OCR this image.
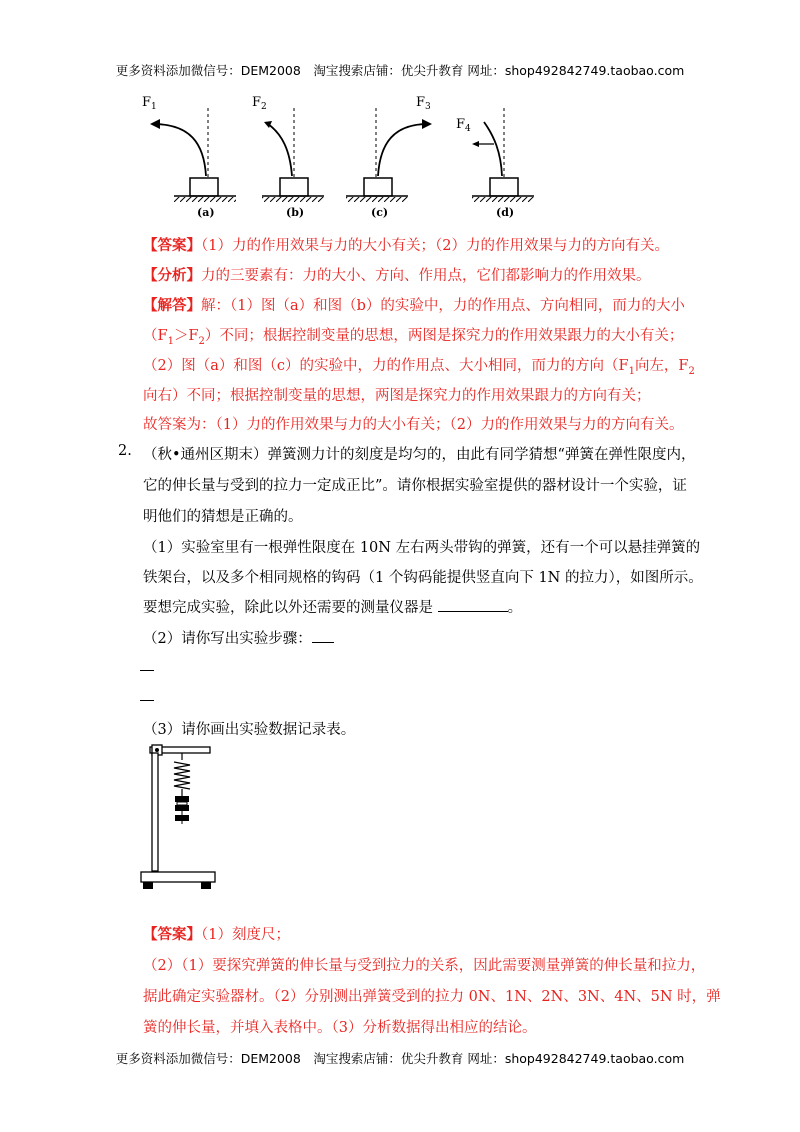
更多资料添加微信号：DEM2008　淘宝搜索店铺：优尖升教育 网址：shop492842749.taobao.com
$F_1$
(a)
$F_2$
(b)
$F_3$
(c)
$F_4$
(d)
【答案】（1）力的作用效果与力的大小有关；（2）力的作用效果与力的方向有关。
【分析】力的三要素有：力的大小、方向、作用点，它们都影响力的作用效果。
【解答】解：（1）图（a）和图（b）的实验中，力的作用点、方向相同，而力的大小
$(F_1>F_2)$不同；根据控制变量的思想，两图是探究力的作用效果跟力的大小有关；
（2）图（a）和图（c）的实验中，力的作用点、大小相同，而力的方向（$F_1$向左，$F_2$
向右）不同；根据控制变量的思想，两图是探究力的作用效果跟力的方向有关；
故答案为：（1）力的作用效果与力的大小有关；（2）力的作用效果与力的方向有关。
2. （秋•通州区期末）弹簧测力计的刻度是均匀的，由此有同学猜想“弹簧在弹性限度内，
它的伸长量与受到的拉力一定成正比”。请你根据实验室提供的器材设计一个实验，证
明他们的猜想是正确的。
（1）实验室里有一根弹性限度在 10N 左右两头带钩的弹簧，还有一个可以悬挂弹簧的
铁架台，以及多个相同规格的钩码（1 个钩码能提供竖直向下 1N 的拉力），如图所示。
要想完成实验，除此以外还需要的测量仪器是	。
（2）请你写出实验步骤：
（3）请你画出实验数据记录表。
【答案】（1）刻度尺；
（2）（1）要探究弹簧的伸长量与受到拉力的关系，因此需要测量弹簧的伸长量和拉力，
据此确定实验器材。（2）分别测出弹簧受到的拉力 0N、1N、2N、3N、4N、5N 时，弹
簧的伸长量，并填入表格中。（3）分析数据得出相应的结论。
更多资料添加微信号：DEM2008　淘宝搜索店铺：优尖升教育 网址：shop492842749.taobao.com
